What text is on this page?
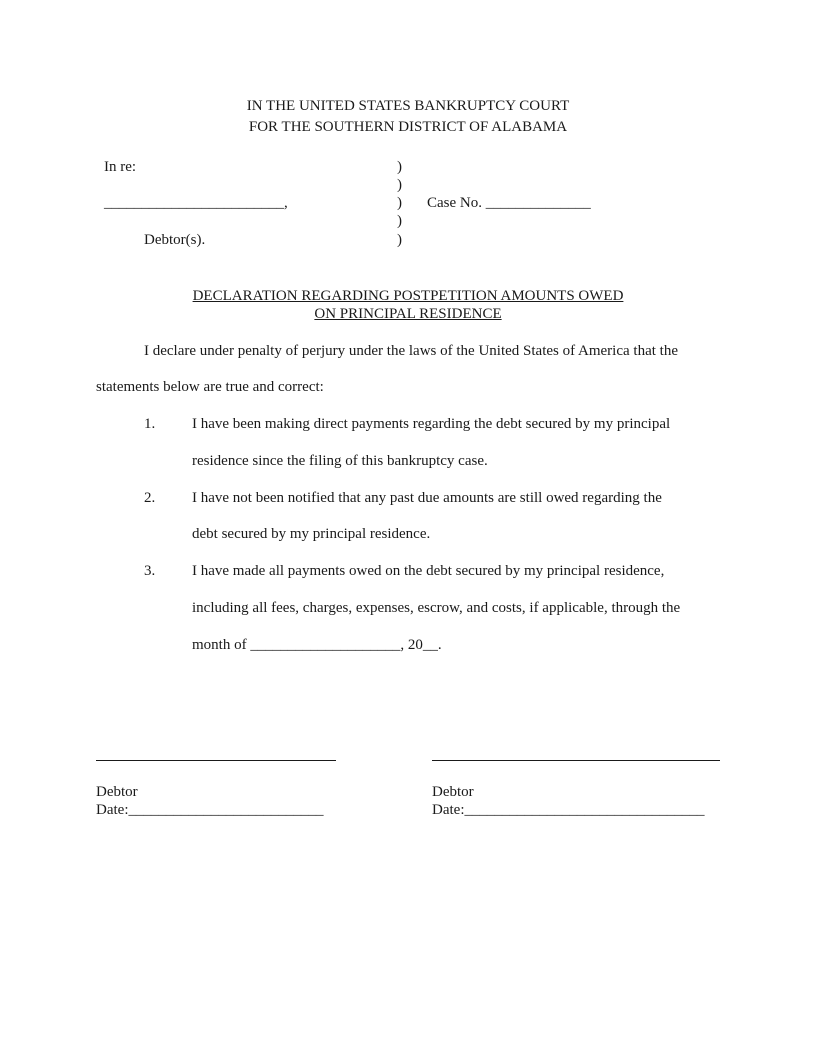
IN THE UNITED STATES BANKRUPTCY COURT
FOR THE SOUTHERN DISTRICT OF ALABAMA
In re:
________________________,
Debtor(s).
)
)
)
)
)
Case No. ______________
DECLARATION REGARDING POSTPETITION AMOUNTS OWED
ON PRINCIPAL RESIDENCE
I declare under penalty of perjury under the laws of the United States of America that the
statements below are true and correct:
1. I have been making direct payments regarding the debt secured by my principal
residence since the filing of this bankruptcy case.
2. I have not been notified that any past due amounts are still owed regarding the
debt secured by my principal residence.
3. I have made all payments owed on the debt secured by my principal residence,
including all fees, charges, expenses, escrow, and costs, if applicable, through the
month of ____________________, 20__.
Debtor
Date:__________________________
Debtor
Date:________________________________
